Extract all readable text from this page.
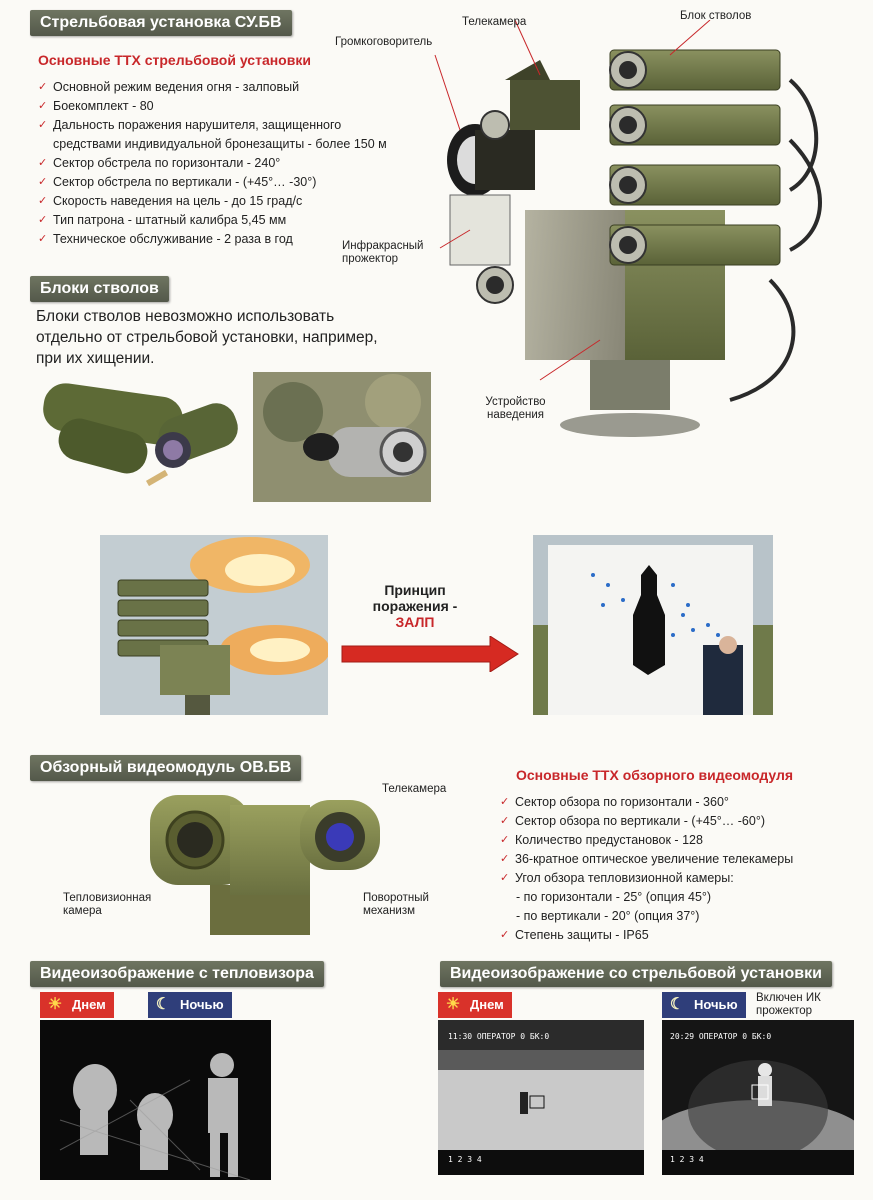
Стрельбовая установка СУ.БВ
Основные ТТХ стрельбовой установки
✓ Основной режим ведения огня - залповый
✓ Боекомплект - 80
✓ Дальность поражения нарушителя, защищенного средствами индивидуальной бронезащиты - более 150 м
✓ Сектор обстрела по горизонтали - 240°
✓ Сектор обстрела по вертикали - (+45°… -30°)
✓ Скорость наведения на цель - до 15 град/с
✓ Тип патрона - штатный калибра 5,45 мм
✓ Техническое обслуживание - 2 раза в год
Телекамера	Блок стволов
Громкоговоритель
Инфракрасный прожектор
Устройство наведения
Блоки стволов
Блоки стволов невозможно использовать отдельно от стрельбовой установки, например, при их хищении.
Принцип
поражения -
ЗАЛП
Обзорный видеомодуль ОВ.БВ
Телекамера
Тепловизионная камера
Поворотный механизм
Основные ТТХ обзорного видеомодуля
✓ Сектор обзора по горизонтали - 360°
✓ Сектор обзора по вертикали - (+45°… -60°)
✓ Количество предустановок - 128
✓ 36-кратное оптическое увеличение телекамеры
✓ Угол обзора тепловизионной камеры:
- по горизонтали - 25° (опция 45°)
- по вертикали - 20° (опция 37°)
✓ Степень защиты - IP65
Видеоизображение с тепловизора	Видеоизображение со стрельбовой установки
☀ Днем	☾ Ночью	☀ Днем	☾ Ночью Включен ИК прожектор
11:30 ОПЕРАТОР 0 БК:0
1 2 3 4
20:29 ОПЕРАТОР 0 БК:0
1 2 3 4
